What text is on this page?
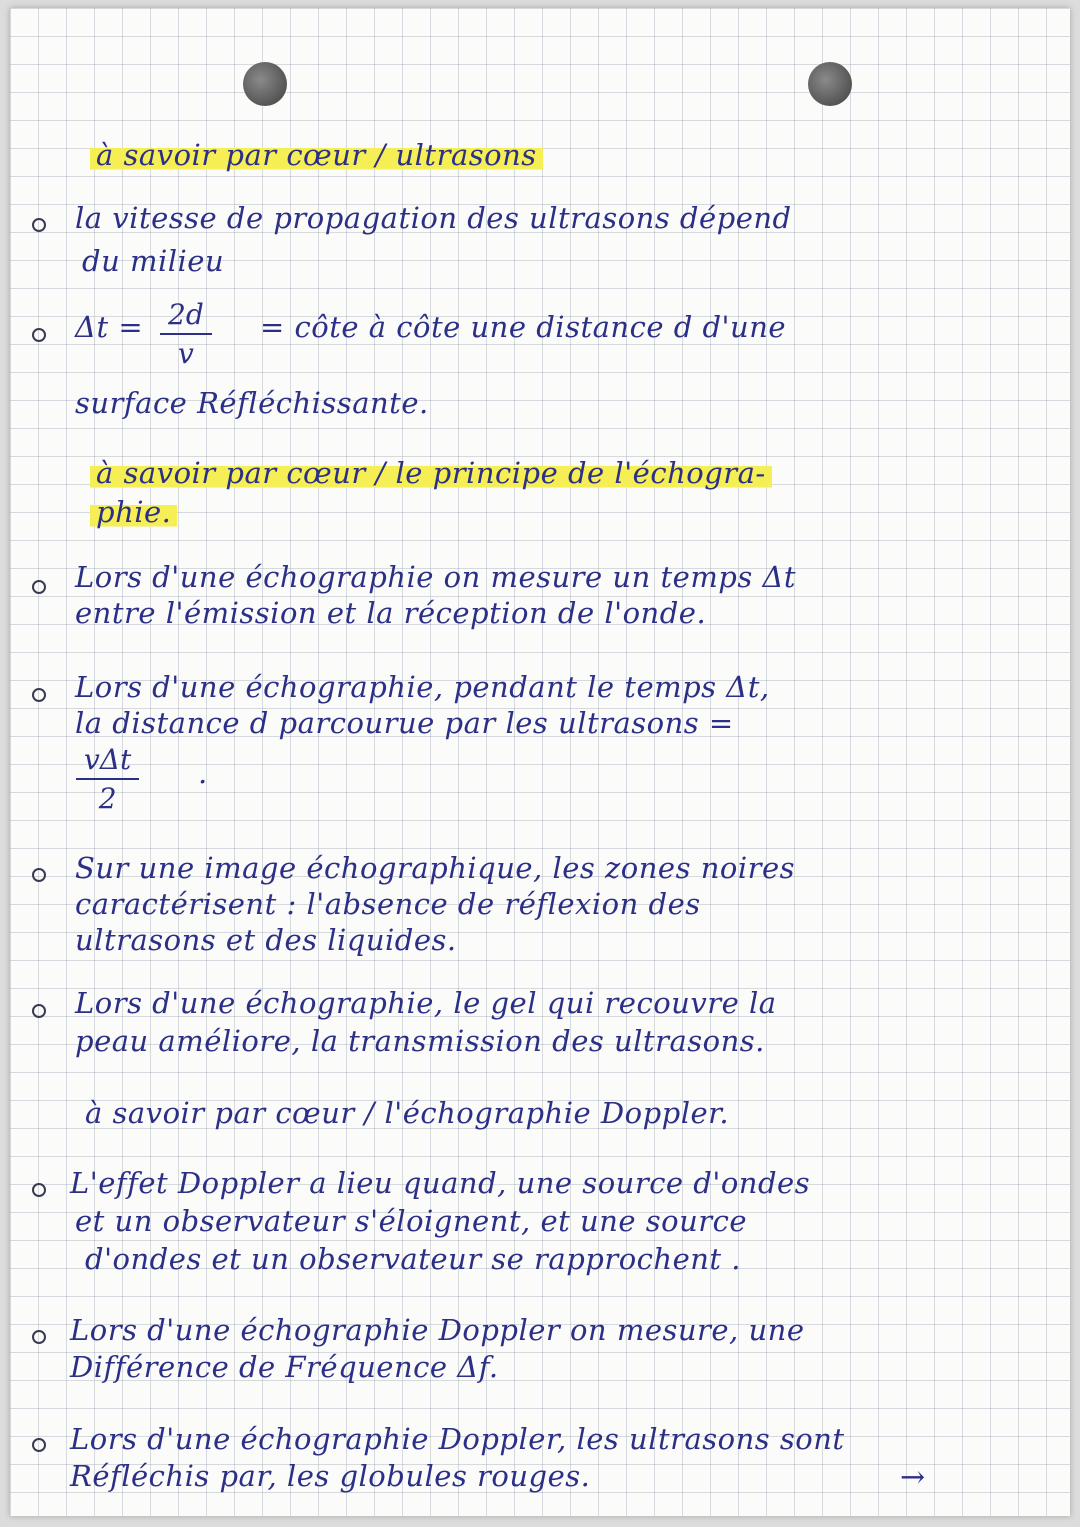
à savoir par cœur / ultrasons
la vitesse de propagation des ultrasons dépend
du milieu
$\Delta t = \frac{2d}{v}$ = côte à côte une distance d d'une
surface Réfléchissante.
à savoir par cœur / le principe de l'échogra-
phie.
Lors d'une échographie on mesure un temps Δt
entre l'émission et la réception de l'onde.
Lors d'une échographie, pendant le temps Δt,
la distance d parcourue par les ultrasons =
vΔt
2
.
Sur une image échographique, les zones noires
caractérisent : l'absence de réflexion des
ultrasons et des liquides.
Lors d'une échographie, le gel qui recouvre la
peau améliore, la transmission des ultrasons.
à savoir par cœur / l'échographie Doppler.
L'effet Doppler a lieu quand, une source d'ondes
et un observateur s'éloignent, et une source
d'ondes et un observateur se rapprochent .
Lors d'une échographie Doppler on mesure, une
Différence de Fréquence Δf.
Lors d'une échographie Doppler, les ultrasons sont
Réfléchis par, les globules rouges.	→
